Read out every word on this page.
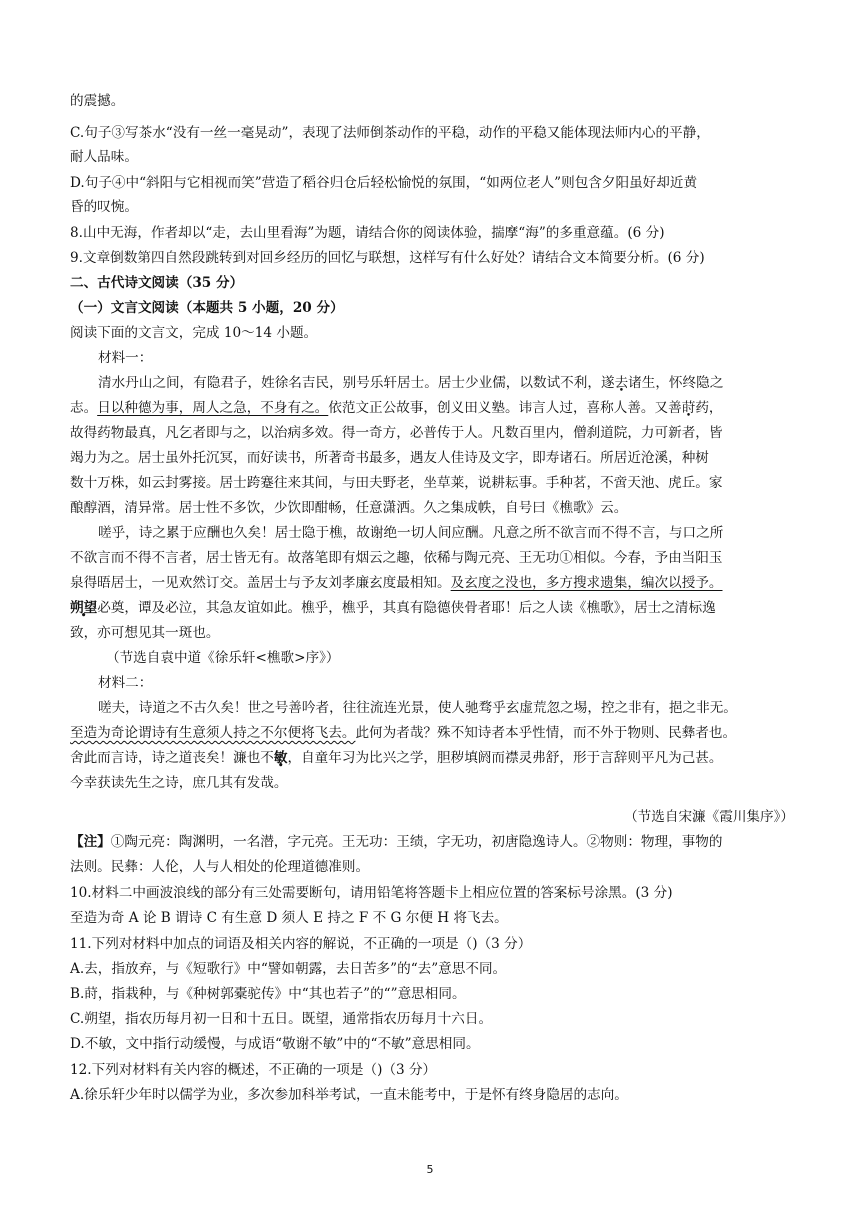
的震撼。
C.句子③写茶水“没有一丝一毫晃动”，表现了法师倒茶动作的平稳，动作的平稳又能体现法师内心的平静，
耐人品味。
D.句子④中“斜阳与它相视而笑”营造了稻谷归仓后轻松愉悦的氛围，“如两位老人”则包含夕阳虽好却近黄
昏的叹惋。
8.山中无海，作者却以“走，去山里看海”为题，请结合你的阅读体验，揣摩“海”的多重意蕴。(6 分)
9.文章倒数第四自然段跳转到对回乡经历的回忆与联想，这样写有什么好处？请结合文本简要分析。(6 分)
二、古代诗文阅读（35 分）
（一）文言文阅读（本题共 5 小题，20 分）
阅读下面的文言文，完成 10～14 小题。
材料一：
清水丹山之间，有隐君子，姓徐名吉民，别号乐轩居士。居士少业儒，以数试不利，遂去诸生，怀终隐之
志。日以种德为事，周人之急，不身有之。依范文正公故事，创义田义塾。讳言人过，喜称人善。又善莳药，
故得药物最真，凡乞者即与之，以治病多效。得一奇方，必普传于人。凡数百里内，僧刹道院，力可新者，皆
竭力为之。居士虽外托沉冥，而好读书，所著奇书最多，遇友人佳诗及文字，即寿诸石。所居近沧溪，种树
数十万株，如云封雾接。居士跨蹇往来其间，与田夫野老，坐草莱，说耕耘事。手种茗，不啻天池、虎丘。家
酿醇酒，清异常。居士性不多饮，少饮即酣畅，任意潇洒。久之集成帙，自号曰《樵歌》云。
嗟乎，诗之累于应酬也久矣！居士隐于樵，故谢绝一切人间应酬。凡意之所不欲言而不得不言，与口之所
不欲言而不得不言者，居士皆无有。故落笔即有烟云之趣，依稀与陶元亮、王无功①相似。今春，予由当阳玉
泉得晤居士，一见欢然订交。盖居士与予友刘孝廉玄度最相知。及玄度之没也，多方搜求遗集，编次以授予。
朔望必奠，谭及必泣，其急友谊如此。樵乎，樵乎，其真有隐德侠骨者耶！后之人读《樵歌》，居士之清标逸
致，亦可想见其一斑也。
（节选自袁中道《徐乐轩<樵歌>序》）
材料二：
嗟夫，诗道之不古久矣！世之号善吟者，往往流连光景，使人驰骛乎玄虚荒忽之埸，控之非有，挹之非无。
至造为奇论谓诗有生意须人持之不尔便将飞去。此何为者哉？殊不知诗者本乎性情，而不外于物则、民彝者也。
舍此而言诗，诗之道丧矣！濂也不敏，自童年习为比兴之学，胆秽填阏而襟灵弗舒，形于言辞则平凡为己甚。
今幸获读先生之诗，庶几其有发哉。
（节选自宋濂《霞川集序》）
【注】①陶元亮：陶渊明，一名潜，字元亮。王无功：王绩，字无功，初唐隐逸诗人。②物则：物理，事物的
法则。民彝：人伦，人与人相处的伦理道德准则。
10.材料二中画波浪线的部分有三处需要断句，请用铅笔将答题卡上相应位置的答案标号涂黑。(3 分)
至造为奇 A 论 B 谓诗 C 有生意 D 须人 E 持之 F 不 G 尔便 H 将飞去。
11.下列对材料中加点的词语及相关内容的解说，不正确的一项是（)（3 分）
A.去，指放弃，与《短歌行》中“譬如朝露，去日苦多”的“去”意思不同。
B.莳，指栽种，与《种树郭橐驼传》中“其也若子”的“”意思相同。
C.朔望，指农历每月初一日和十五日。既望，通常指农历每月十六日。
D.不敏，文中指行动缓慢，与成语“敬谢不敏”中的“不敏”意思相同。
12.下列对材料有关内容的概述，不正确的一项是（)（3 分）
A.徐乐轩少年时以儒学为业，多次参加科举考试，一直未能考中，于是怀有终身隐居的志向。
5
